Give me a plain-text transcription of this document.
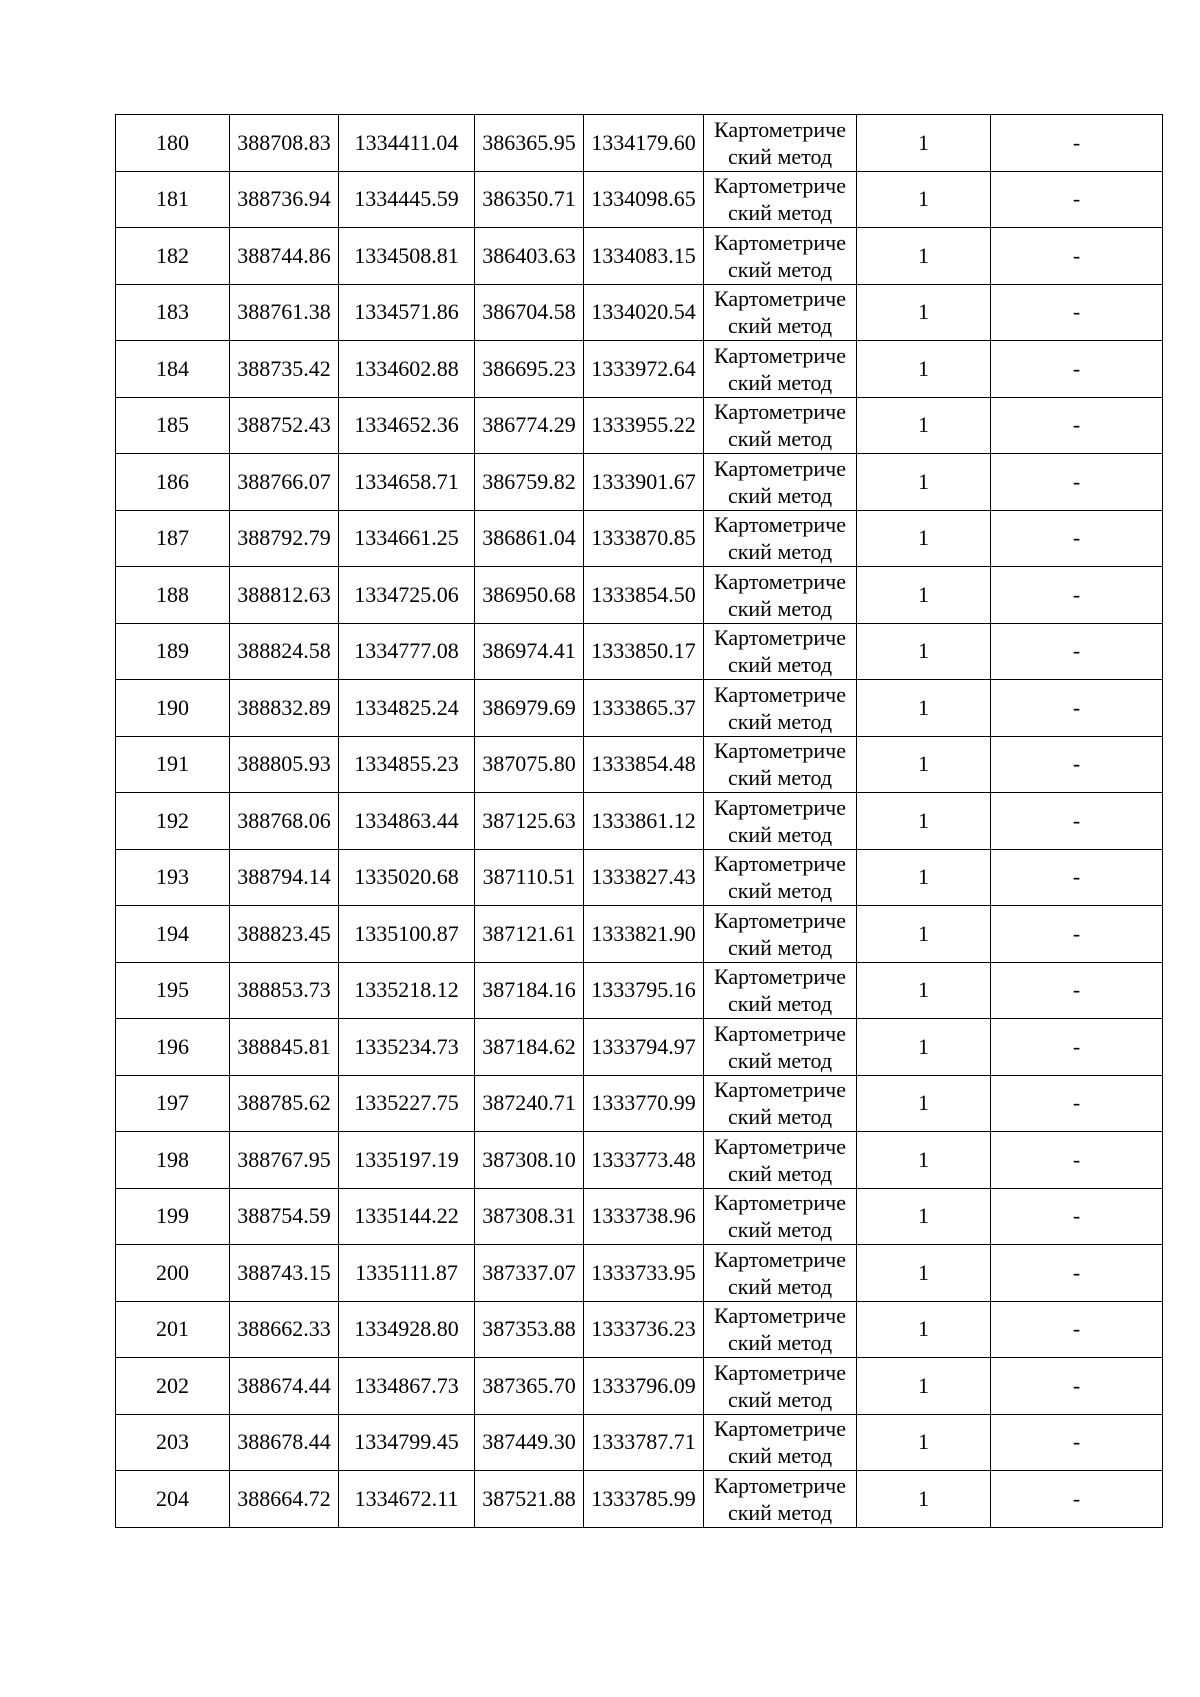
180	388708.83	1334411.04	386365.95	1334179.60	Картометриче
ский метод	1	-
181	388736.94	1334445.59	386350.71	1334098.65	Картометриче
ский метод	1	-
182	388744.86	1334508.81	386403.63	1334083.15	Картометриче
ский метод	1	-
183	388761.38	1334571.86	386704.58	1334020.54	Картометриче
ский метод	1	-
184	388735.42	1334602.88	386695.23	1333972.64	Картометриче
ский метод	1	-
185	388752.43	1334652.36	386774.29	1333955.22	Картометриче
ский метод	1	-
186	388766.07	1334658.71	386759.82	1333901.67	Картометриче
ский метод	1	-
187	388792.79	1334661.25	386861.04	1333870.85	Картометриче
ский метод	1	-
188	388812.63	1334725.06	386950.68	1333854.50	Картометриче
ский метод	1	-
189	388824.58	1334777.08	386974.41	1333850.17	Картометриче
ский метод	1	-
190	388832.89	1334825.24	386979.69	1333865.37	Картометриче
ский метод	1	-
191	388805.93	1334855.23	387075.80	1333854.48	Картометриче
ский метод	1	-
192	388768.06	1334863.44	387125.63	1333861.12	Картометриче
ский метод	1	-
193	388794.14	1335020.68	387110.51	1333827.43	Картометриче
ский метод	1	-
194	388823.45	1335100.87	387121.61	1333821.90	Картометриче
ский метод	1	-
195	388853.73	1335218.12	387184.16	1333795.16	Картометриче
ский метод	1	-
196	388845.81	1335234.73	387184.62	1333794.97	Картометриче
ский метод	1	-
197	388785.62	1335227.75	387240.71	1333770.99	Картометриче
ский метод	1	-
198	388767.95	1335197.19	387308.10	1333773.48	Картометриче
ский метод	1	-
199	388754.59	1335144.22	387308.31	1333738.96	Картометриче
ский метод	1	-
200	388743.15	1335111.87	387337.07	1333733.95	Картометриче
ский метод	1	-
201	388662.33	1334928.80	387353.88	1333736.23	Картометриче
ский метод	1	-
202	388674.44	1334867.73	387365.70	1333796.09	Картометриче
ский метод	1	-
203	388678.44	1334799.45	387449.30	1333787.71	Картометриче
ский метод	1	-
204	388664.72	1334672.11	387521.88	1333785.99	Картометриче
ский метод	1	-
